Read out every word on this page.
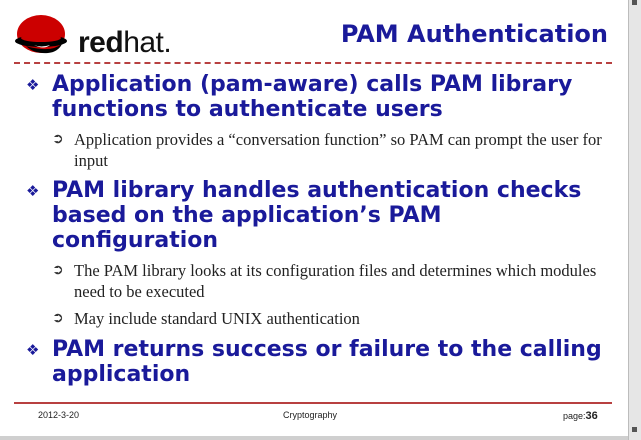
redhat.	PAM Authentication
❖ Application (pam-aware) calls PAM library functions to authenticate users
➲ Application provides a “conversation function” so PAM can prompt the user for input
❖ PAM library handles authentication checks based on the application’s PAM configuration
➲ The PAM library looks at its configuration files and determines which modules need to be executed
➲ May include standard UNIX authentication
❖ PAM returns success or failure to the calling application
2012-3-20	Cryptography	page:36
